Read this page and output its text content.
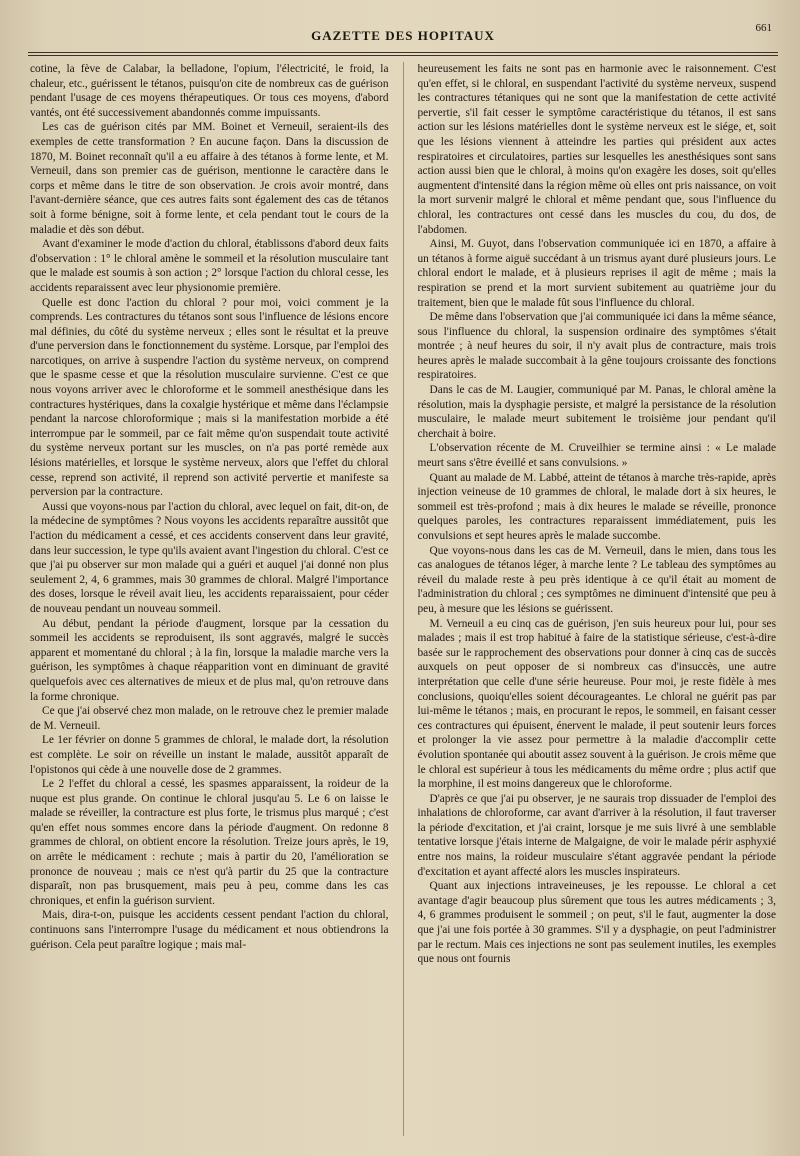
GAZETTE DES HOPITAUX	661

cotine, la fève de Calabar, la belladone, l'opium, l'électricité, le froid, la chaleur, etc., guérissent le tétanos, puisqu'on cite de nombreux cas de guérison pendant l'usage de ces moyens thérapeutiques. Or tous ces moyens, d'abord vantés, ont été successivement abandonnés comme impuissants.

Les cas de guérison cités par MM. Boinet et Verneuil, seraient-ils des exemples de cette transformation ? En aucune façon. Dans la discussion de 1870, M. Boinet reconnaît qu'il a eu affaire à des tétanos à forme lente, et M. Verneuil, dans son premier cas de guérison, mentionne le caractère dans le corps et même dans le titre de son observation. Je crois avoir montré, dans l'avant-dernière séance, que ces autres faits sont également des cas de tétanos soit à forme bénigne, soit à forme lente, et cela pendant tout le cours de la maladie et dès son début.

Avant d'examiner le mode d'action du chloral, établissons d'abord deux faits d'observation : 1° le chloral amène le sommeil et la résolution musculaire tant que le malade est soumis à son action ; 2° lorsque l'action du chloral cesse, les accidents reparaissent avec leur physionomie première.

Quelle est donc l'action du chloral ? pour moi, voici comment je la comprends. Les contractures du tétanos sont sous l'influence de lésions encore mal définies, du côté du système nerveux ; elles sont le résultat et la preuve d'une perversion dans le fonctionnement du système. Lorsque, par l'emploi des narcotiques, on arrive à suspendre l'action du système nerveux, on comprend que le spasme cesse et que la résolution musculaire survienne. C'est ce que nous voyons arriver avec le chloroforme et le sommeil anesthésique dans les contractures hystériques, dans la coxalgie hystérique et même dans l'éclampsie pendant la narcose chloroformique ; mais si la manifestation morbide a été interrompue par le sommeil, par ce fait même qu'on suspendait toute activité du système nerveux portant sur les muscles, on n'a pas porté remède aux lésions matérielles, et lorsque le système nerveux, alors que l'effet du chloral cesse, reprend son activité, il reprend son activité pervertie et manifeste sa perversion par la contracture.

Aussi que voyons-nous par l'action du chloral, avec lequel on fait, dit-on, de la médecine de symptômes ? Nous voyons les accidents reparaître aussitôt que l'action du médicament a cessé, et ces accidents conservent dans leur gravité, dans leur succession, le type qu'ils avaient avant l'ingestion du chloral. C'est ce que j'ai pu observer sur mon malade qui a guéri et auquel j'ai donné non plus seulement 2, 4, 6 grammes, mais 30 grammes de chloral. Malgré l'importance des doses, lorsque le réveil avait lieu, les accidents reparaissaient, pour céder de nouveau pendant un nouveau sommeil.

Au début, pendant la période d'augment, lorsque par la cessation du sommeil les accidents se reproduisent, ils sont aggravés, malgré le succès apparent et momentané du chloral ; à la fin, lorsque la maladie marche vers la guérison, les symptômes à chaque réapparition vont en diminuant de gravité quelquefois avec ces alternatives de mieux et de plus mal, qu'on retrouve dans la forme chronique.

Ce que j'ai observé chez mon malade, on le retrouve chez le premier malade de M. Verneuil.

Le 1er février on donne 5 grammes de chloral, le malade dort, la résolution est complète. Le soir on réveille un instant le malade, aussitôt apparaît de l'opistonos qui cède à une nouvelle dose de 2 grammes.

Le 2 l'effet du chloral a cessé, les spasmes apparaissent, la roideur de la nuque est plus grande. On continue le chloral jusqu'au 5. Le 6 on laisse le malade se réveiller, la contracture est plus forte, le trismus plus marqué ; c'est qu'en effet nous sommes encore dans la période d'augment. On redonne 8 grammes de chloral, on obtient encore la résolution. Treize jours après, le 19, on arrête le médicament : rechute ; mais à partir du 20, l'amélioration se prononce de nouveau ; mais ce n'est qu'à partir du 25 que la contracture disparaît, non pas brusquement, mais peu à peu, comme dans les cas chroniques, et enfin la guérison survient.

Mais, dira-t-on, puisque les accidents cessent pendant l'action du chloral, continuons sans l'interrompre l'usage du médicament et nous obtiendrons la guérison. Cela peut paraître logique ; mais mal-

heureusement les faits ne sont pas en harmonie avec le raisonnement. C'est qu'en effet, si le chloral, en suspendant l'activité du système nerveux, suspend les contractures tétaniques qui ne sont que la manifestation de cette activité pervertie, s'il fait cesser le symptôme caractéristique du tétanos, il est sans action sur les lésions matérielles dont le système nerveux est le siége, et, soit que les lésions viennent à atteindre les parties qui président aux actes respiratoires et circulatoires, parties sur lesquelles les anesthésiques sont sans action aussi bien que le chloral, à moins qu'on exagère les doses, soit qu'elles augmentent d'intensité dans la région même où elles ont pris naissance, on voit la mort survenir malgré le chloral et même pendant que, sous l'influence du chloral, les contractures ont cessé dans les muscles du cou, du dos, de l'abdomen.

Ainsi, M. Guyot, dans l'observation communiquée ici en 1870, a affaire à un tétanos à forme aiguë succédant à un trismus ayant duré plusieurs jours. Le chloral endort le malade, et à plusieurs reprises il agit de même ; mais la respiration se prend et la mort survient subitement au quatrième jour du traitement, bien que le malade fût sous l'influence du chloral.

De même dans l'observation que j'ai communiquée ici dans la même séance, sous l'influence du chloral, la suspension ordinaire des symptômes s'était montrée ; à neuf heures du soir, il n'y avait plus de contracture, mais trois heures après le malade succombait à la gêne toujours croissante des fonctions respiratoires.

Dans le cas de M. Laugier, communiqué par M. Panas, le chloral amène la résolution, mais la dysphagie persiste, et malgré la persistance de la résolution musculaire, le malade meurt subitement le troisième jour pendant qu'il cherchait à boire.

L'observation récente de M. Cruveilhier se termine ainsi : « Le malade meurt sans s'être éveillé et sans convulsions. »

Quant au malade de M. Labbé, atteint de tétanos à marche très-rapide, après injection veineuse de 10 grammes de chloral, le malade dort à six heures, le sommeil est très-profond ; mais à dix heures le malade se réveille, prononce quelques paroles, les contractures reparaissent immédiatement, puis les convulsions et sept heures après le malade succombe.

Que voyons-nous dans les cas de M. Verneuil, dans le mien, dans tous les cas analogues de tétanos léger, à marche lente ? Le tableau des symptômes au réveil du malade reste à peu près identique à ce qu'il était au moment de l'administration du chloral ; ces symptômes ne diminuent d'intensité que peu à peu, à mesure que les lésions se guérissent.

M. Verneuil a eu cinq cas de guérison, j'en suis heureux pour lui, pour ses malades ; mais il est trop habitué à faire de la statistique sérieuse, c'est-à-dire basée sur le rapprochement des observations pour donner à cinq cas de succès auxquels on peut opposer de si nombreux cas d'insuccès, une autre interprétation que celle d'une série heureuse. Pour moi, je reste fidèle à mes conclusions, quoiqu'elles soient décourageantes. Le chloral ne guérit pas par lui-même le tétanos ; mais, en procurant le repos, le sommeil, en faisant cesser ces contractures qui épuisent, énervent le malade, il peut soutenir leurs forces et prolonger la vie assez pour permettre à la maladie d'accomplir cette évolution spontanée qui aboutit assez souvent à la guérison. Je crois même que le chloral est supérieur à tous les médicaments du même ordre ; plus actif que la morphine, il est moins dangereux que le chloroforme.

D'après ce que j'ai pu observer, je ne saurais trop dissuader de l'emploi des inhalations de chloroforme, car avant d'arriver à la résolution, il faut traverser la période d'excitation, et j'ai craint, lorsque je me suis livré à une semblable tentative lorsque j'étais interne de Malgaigne, de voir le malade périr asphyxié entre nos mains, la roideur musculaire s'étant aggravée pendant la période d'excitation et ayant affecté alors les muscles inspirateurs.

Quant aux injections intraveineuses, je les repousse. Le chloral a cet avantage d'agir beaucoup plus sûrement que tous les autres médicaments ; 3, 4, 6 grammes produisent le sommeil ; on peut, s'il le faut, augmenter la dose que j'ai une fois portée à 30 grammes. S'il y a dysphagie, on peut l'administrer par le rectum. Mais ces injections ne sont pas seulement inutiles, les exemples que nous ont fournis
